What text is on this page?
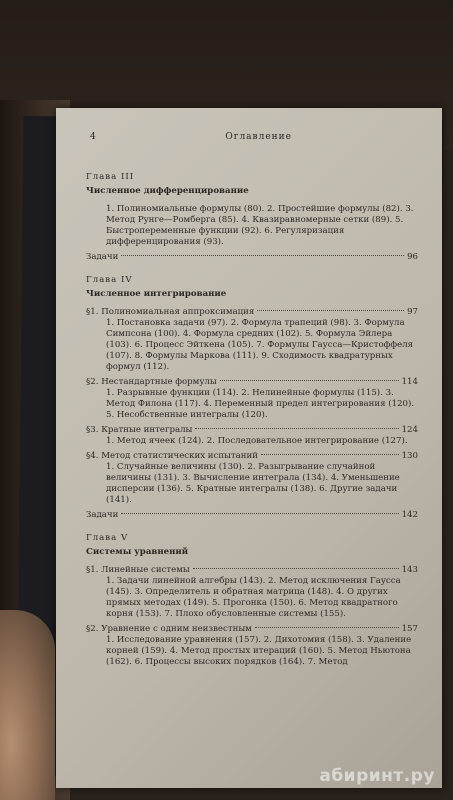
4	Оглавление
Глава III
Численное дифференцирование
1. Полиномиальные формулы (80). 2. Простейшие формулы (82). 3. Метод Рунге—Ромберга (85). 4. Квазиравномерные сетки (89). 5. Быстропеременные функции (92). 6. Регуляризация дифференцирования (93).
Задачи	96
Глава IV
Численное интегрирование
§1. Полиномиальная аппроксимация	97
1. Постановка задачи (97). 2. Формула трапеций (98). 3. Формула Симпсона (100). 4. Формула средних (102). 5. Формула Эйлера (103). 6. Процесс Эйткена (105). 7. Формулы Гаусса—Кристоффеля (107). 8. Формулы Маркова (111). 9. Сходимость квадратурных формул (112).
§2. Нестандартные формулы	114
1. Разрывные функции (114). 2. Нелинейные формулы (115). 3. Метод Филона (117). 4. Переменный предел интегрирования (120). 5. Несобственные интегралы (120).
§3. Кратные интегралы	124
1. Метод ячеек (124). 2. Последовательное интегрирование (127).
§4. Метод статистических испытаний	130
1. Случайные величины (130). 2. Разыгрывание случайной величины (131). 3. Вычисление интеграла (134). 4. Уменьшение дисперсии (136). 5. Кратные интегралы (138). 6. Другие задачи (141).
Задачи	142
Глава V
Системы уравнений
§1. Линейные системы	143
1. Задачи линейной алгебры (143). 2. Метод исключения Гаусса (145). 3. Определитель и обратная матрица (148). 4. О других прямых методах (149). 5. Прогонка (150). 6. Метод квадратного корня (153). 7. Плохо обусловленные системы (155).
§2. Уравнение с одним неизвестным	157
1. Исследование уравнения (157). 2. Дихотомия (158). 3. Удаление корней (159). 4. Метод простых итераций (160). 5. Метод Ньютона (162). 6. Процессы высоких порядков (164). 7. Метод
абиринт.ру
